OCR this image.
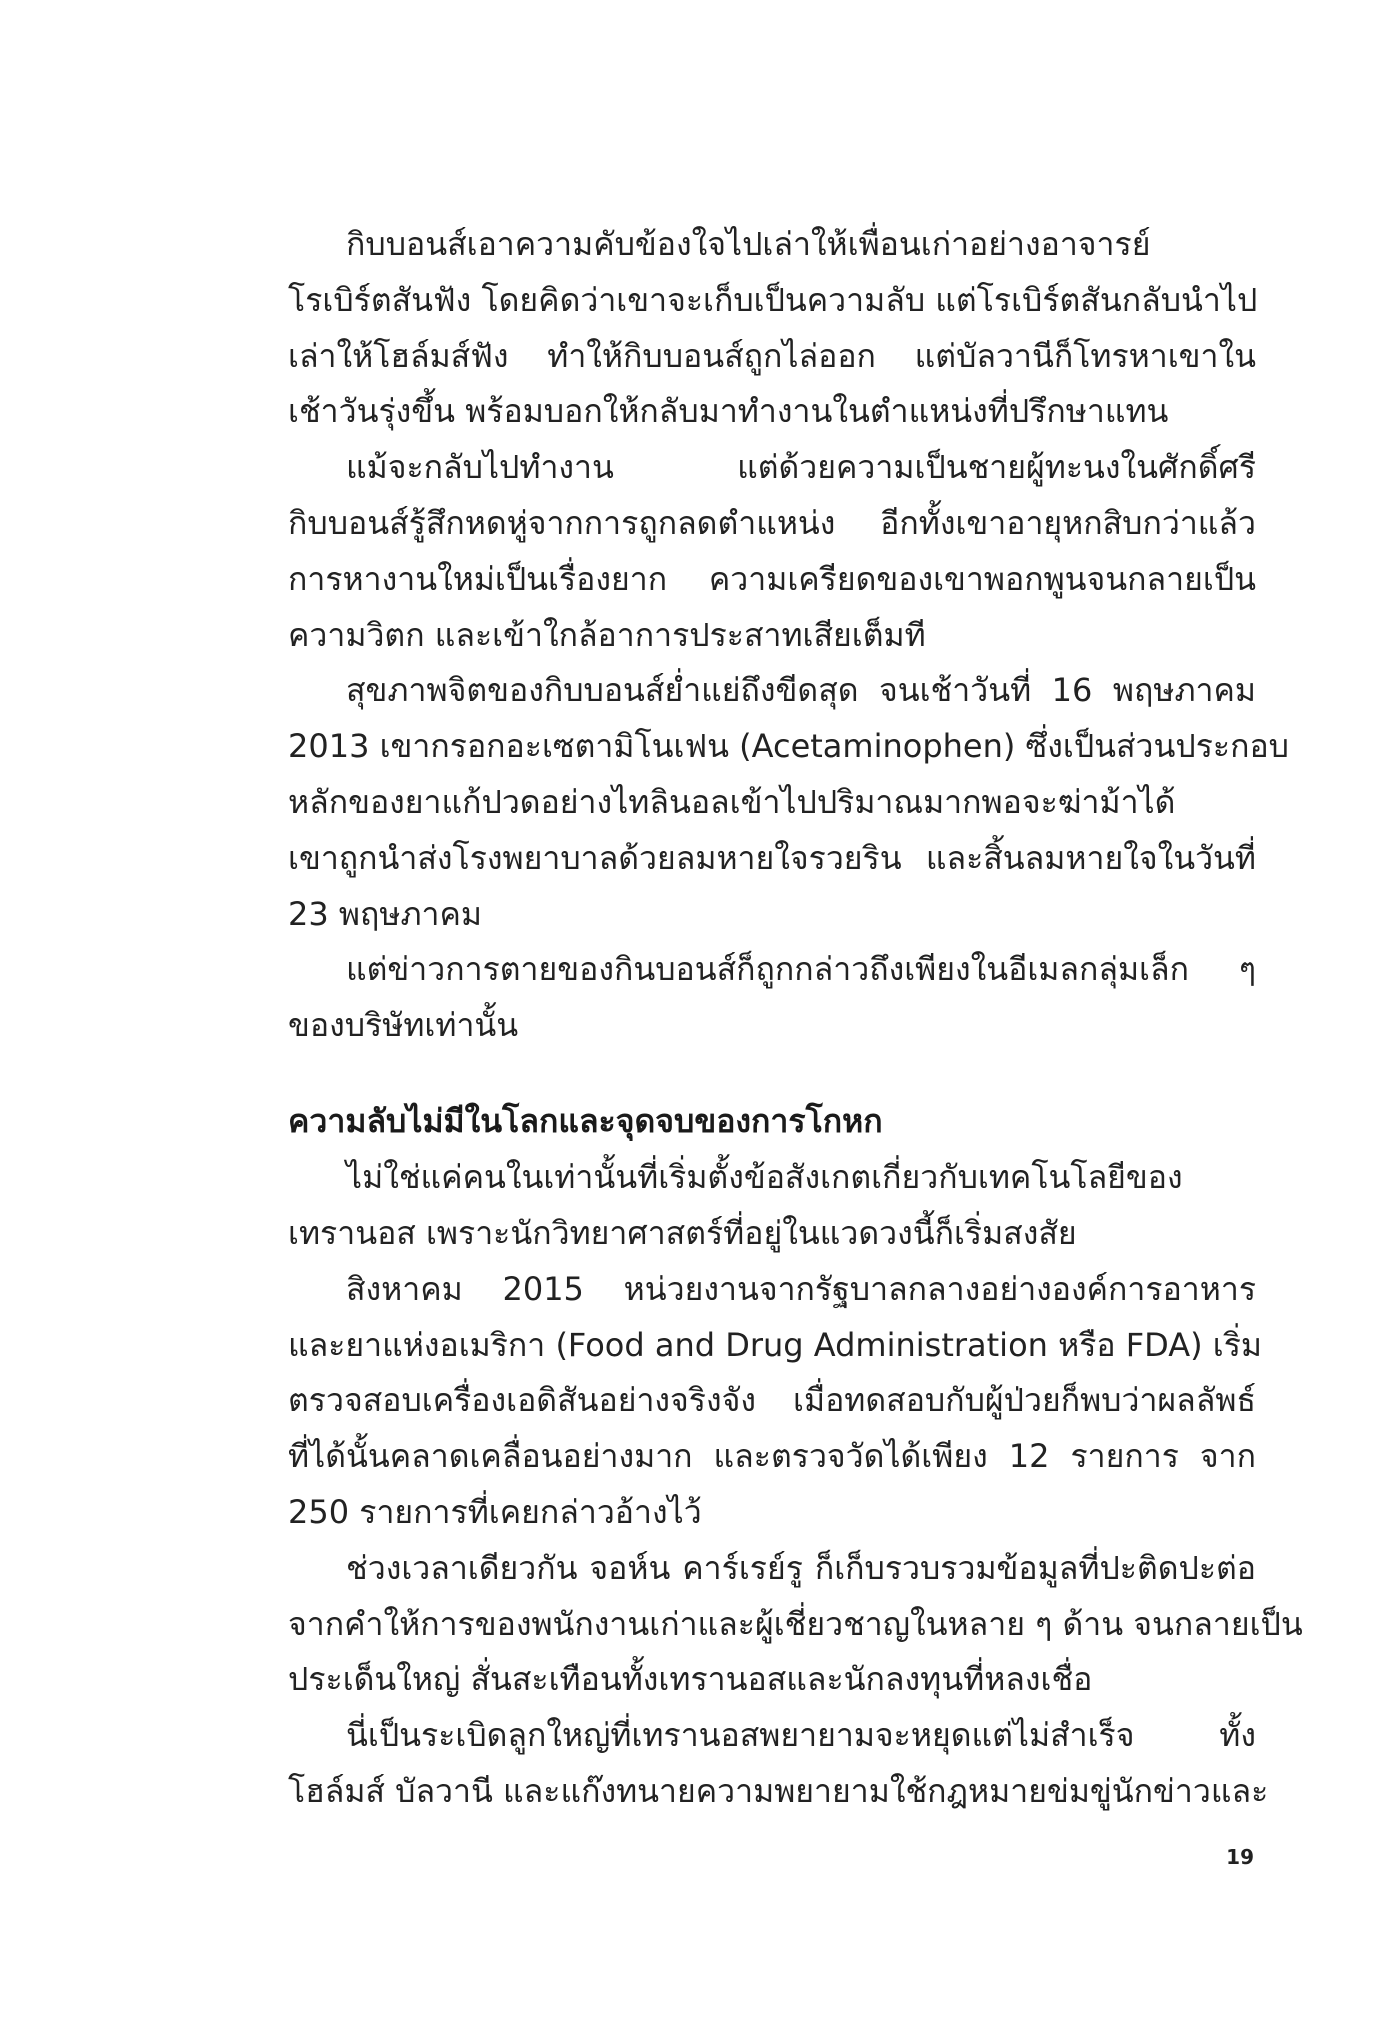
กิบบอนส์เอาความคับข้องใจไปเล่าให้เพื่อนเก่าอย่างอาจารย์
โรเบิร์ตสันฟัง โดยคิดว่าเขาจะเก็บเป็นความลับ แต่โรเบิร์ตสันกลับนำไป
เล่าให้โฮล์มส์ฟัง ทำให้กิบบอนส์ถูกไล่ออก แต่บัลวานีก็โทรหาเขาใน
เช้าวันรุ่งขึ้น พร้อมบอกให้กลับมาทำงานในตำแหน่งที่ปรึกษาแทน
แม้จะกลับไปทำงาน แต่ด้วยความเป็นชายผู้ทะนงในศักดิ์ศรี
กิบบอนส์รู้สึกหดหู่จากการถูกลดตำแหน่ง อีกทั้งเขาอายุหกสิบกว่าแล้ว
การหางานใหม่เป็นเรื่องยาก ความเครียดของเขาพอกพูนจนกลายเป็น
ความวิตก และเข้าใกล้อาการประสาทเสียเต็มที
สุขภาพจิตของกิบบอนส์ย่ำแย่ถึงขีดสุด จนเช้าวันที่ 16 พฤษภาคม
2013 เขากรอกอะเซตามิโนเฟน (Acetaminophen) ซึ่งเป็นส่วนประกอบ
หลักของยาแก้ปวดอย่างไทลินอลเข้าไปปริมาณมากพอจะฆ่าม้าได้
เขาถูกนำส่งโรงพยาบาลด้วยลมหายใจรวยริน และสิ้นลมหายใจในวันที่
23 พฤษภาคม
แต่ข่าวการตายของกินบอนส์ก็ถูกกล่าวถึงเพียงในอีเมลกลุ่มเล็ก ๆ
ของบริษัทเท่านั้น
ความลับไม่มีในโลกและจุดจบของการโกหก
ไม่ใช่แค่คนในเท่านั้นที่เริ่มตั้งข้อสังเกตเกี่ยวกับเทคโนโลยีของ
เทรานอส เพราะนักวิทยาศาสตร์ที่อยู่ในแวดวงนี้ก็เริ่มสงสัย
สิงหาคม 2015 หน่วยงานจากรัฐบาลกลางอย่างองค์การอาหาร
และยาแห่งอเมริกา (Food and Drug Administration หรือ FDA) เริ่ม
ตรวจสอบเครื่องเอดิสันอย่างจริงจัง เมื่อทดสอบกับผู้ป่วยก็พบว่าผลลัพธ์
ที่ได้นั้นคลาดเคลื่อนอย่างมาก และตรวจวัดได้เพียง 12 รายการ จาก
250 รายการที่เคยกล่าวอ้างไว้
ช่วงเวลาเดียวกัน จอห์น คาร์เรย์รู ก็เก็บรวบรวมข้อมูลที่ปะติดปะต่อ
จากคำให้การของพนักงานเก่าและผู้เชี่ยวชาญในหลาย ๆ ด้าน จนกลายเป็น
ประเด็นใหญ่ สั่นสะเทือนทั้งเทรานอสและนักลงทุนที่หลงเชื่อ
นี่เป็นระเบิดลูกใหญ่ที่เทรานอสพยายามจะหยุดแต่ไม่สำเร็จ ทั้ง
โฮล์มส์ บัลวานี และแก๊งทนายความพยายามใช้กฎหมายข่มขู่นักข่าวและ
19
